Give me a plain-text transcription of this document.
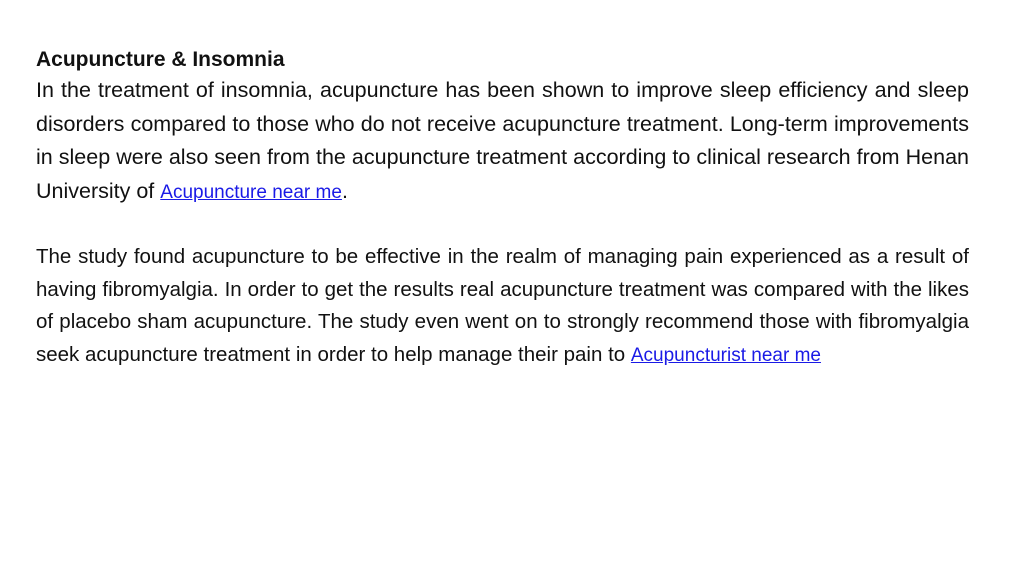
Acupuncture & Insomnia

In the treatment of insomnia, acupuncture has been shown to improve sleep efficiency and sleep disorders compared to those who do not receive acupuncture treatment. Long-term improvements in sleep were also seen from the acupuncture treatment according to clinical research from Henan University of Acupuncture near me.

The study found acupuncture to be effective in the realm of managing pain experienced as a result of having fibromyalgia. In order to get the results real acupuncture treatment was compared with the likes of placebo sham acupuncture. The study even went on to strongly recommend those with fibromyalgia seek acupuncture treatment in order to help manage their pain to Acupuncturist near me
